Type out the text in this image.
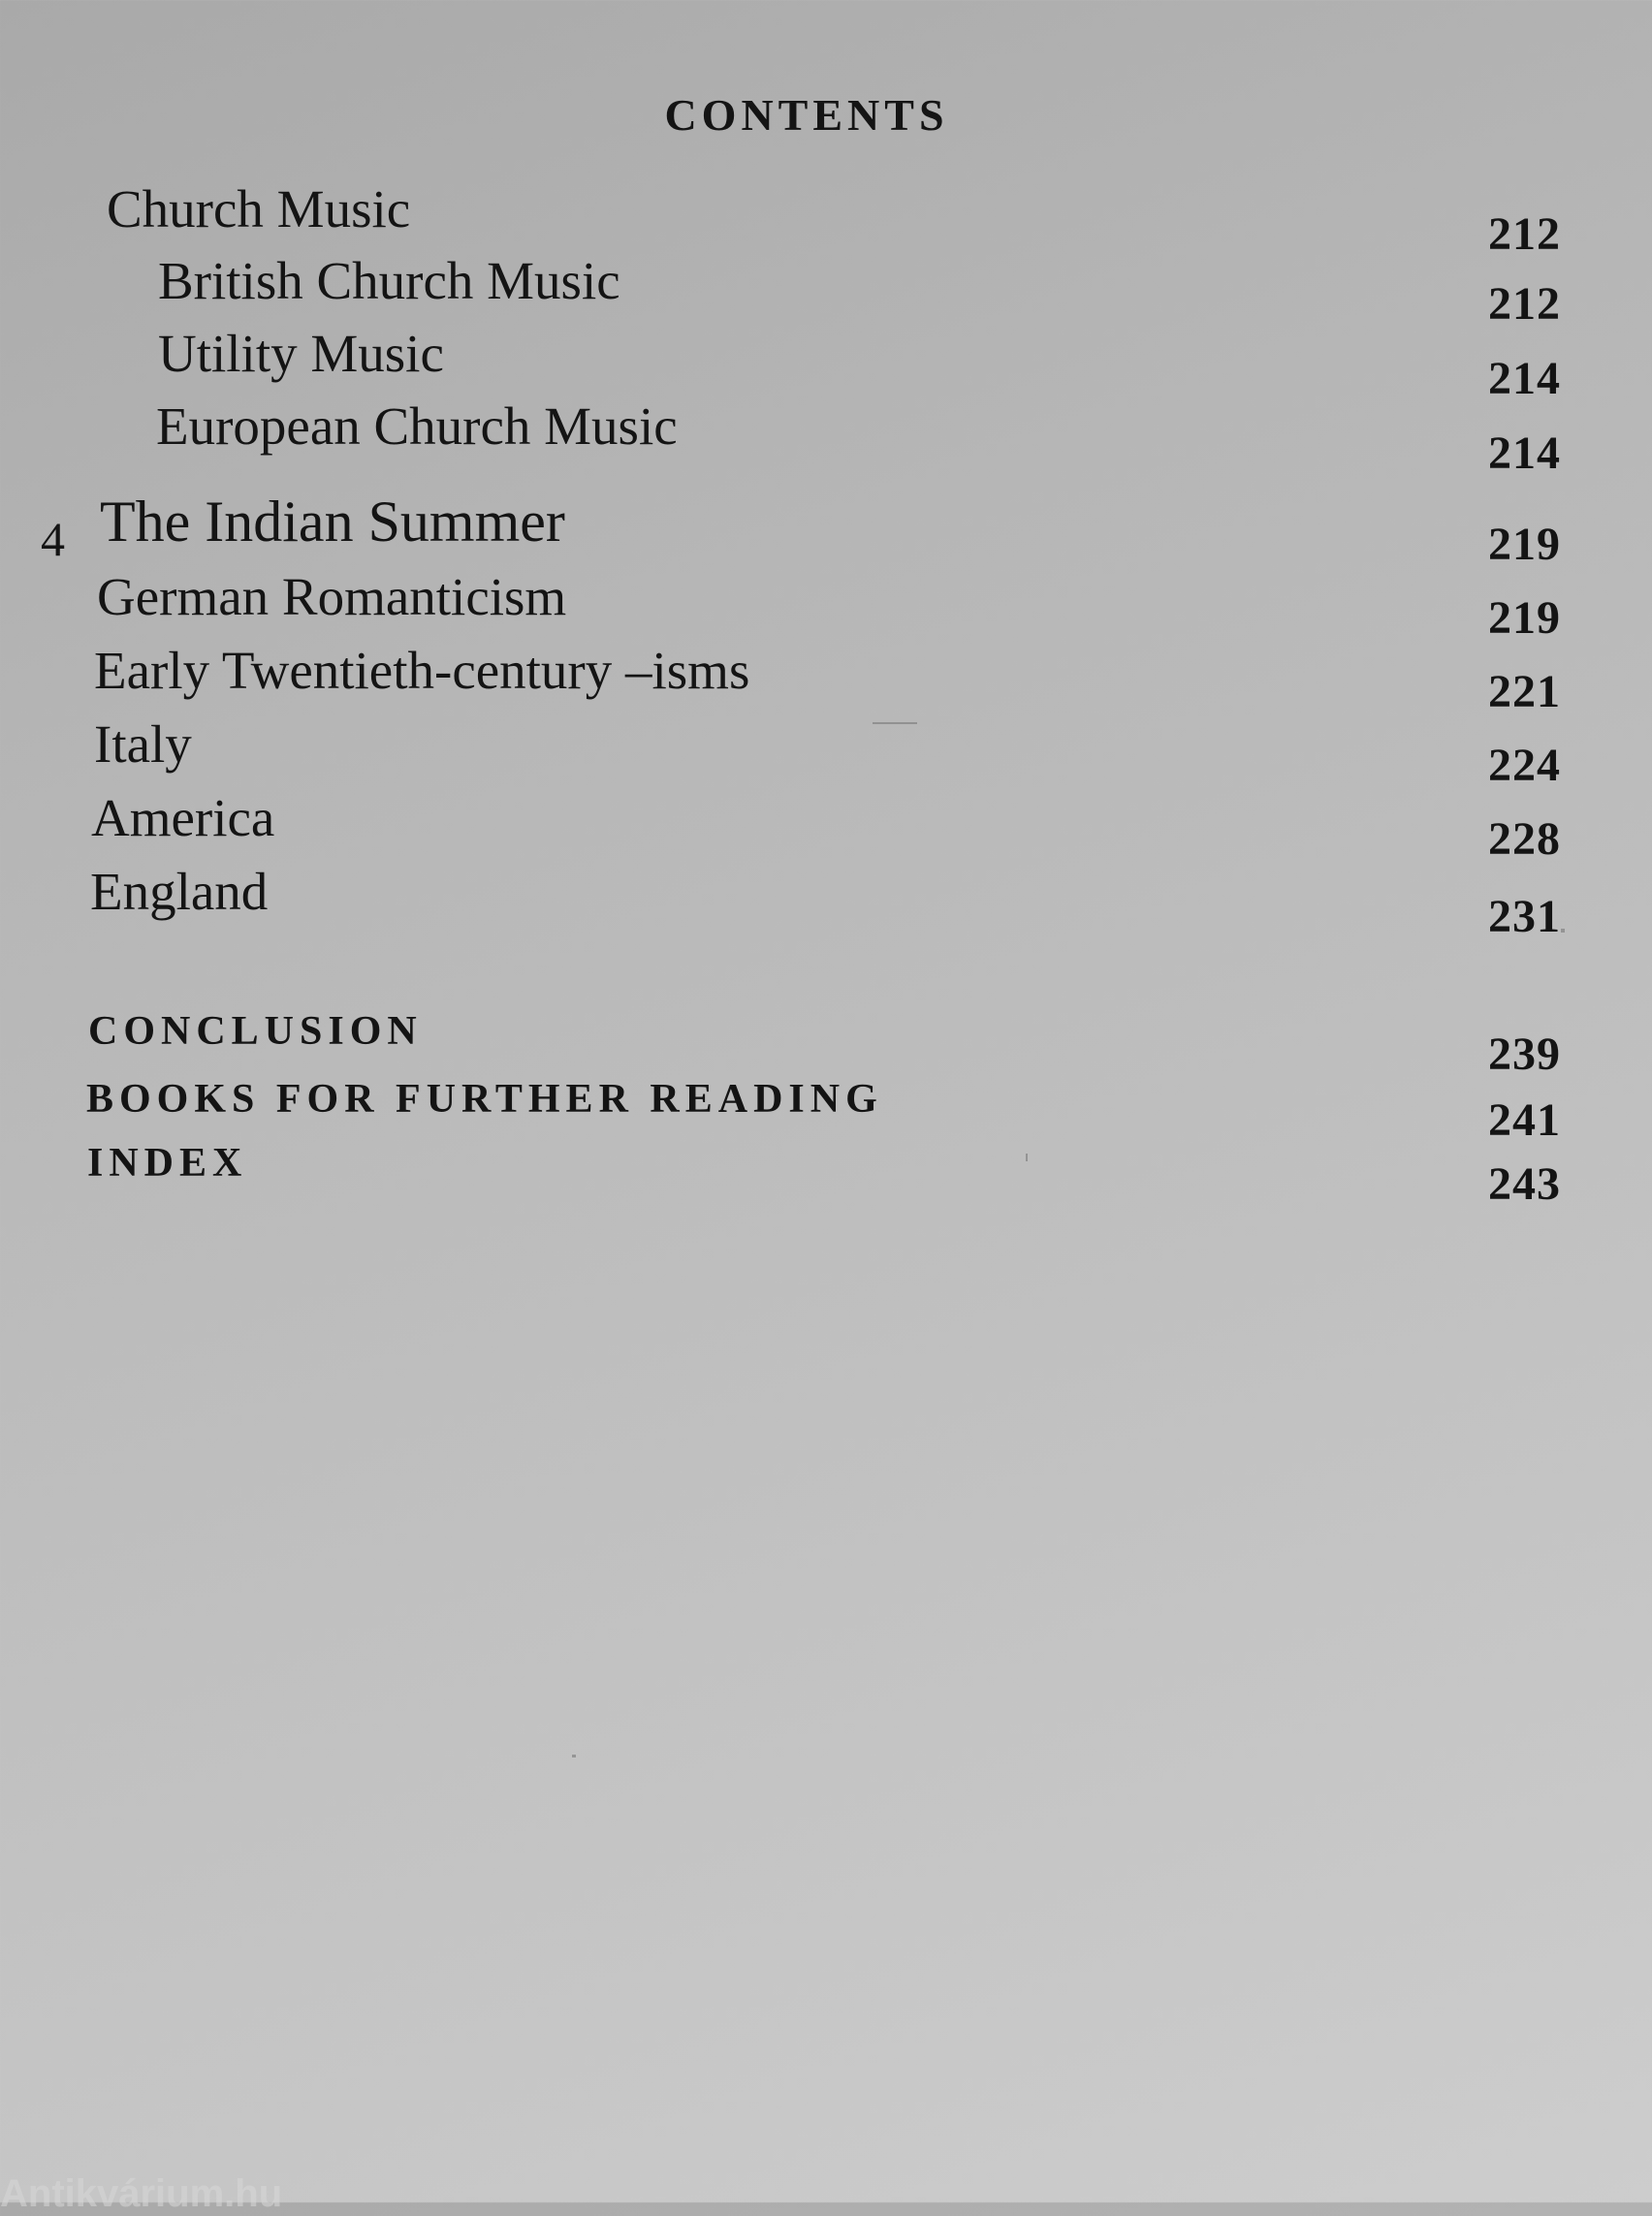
CONTENTS
Church Music	212
British Church Music	212
Utility Music	214
European Church Music	214
4 The Indian Summer	219
German Romanticism	219
Early Twentieth-century –isms	221
Italy	224
America	228
England	231
CONCLUSION	239
BOOKS FOR FURTHER READING	241
INDEX	243
Antikvárium.hu
